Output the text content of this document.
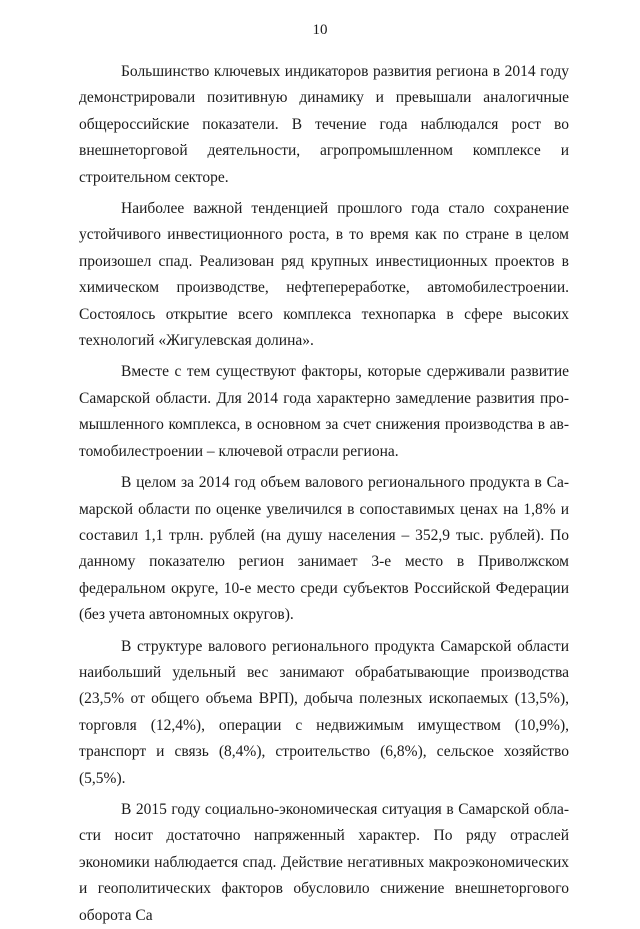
10

Большинство ключевых индикаторов развития региона в 2014 году демонстрировали позитивную динамику и превышали аналогичные общероссийские показатели. В течение года наблюдался рост во внешнеторговой деятельности, агропромышленном комплексе и строительном секторе.

Наиболее важной тенденцией прошлого года стало сохранение устойчивого инвестиционного роста, в то время как по стране в целом произошел спад. Реализован ряд крупных инвестиционных проектов в химическом производстве, нефтепереработке, автомобилестроении. Состоялось открытие всего комплекса технопарка в сфере высоких технологий «Жигулевская долина».

Вместе с тем существуют факторы, которые сдерживали развитие Самарской области. Для 2014 года характерно замедление развития промышленного комплекса, в основном за счет снижения производства в автомобилестроении – ключевой отрасли региона.

В целом за 2014 год объем валового регионального продукта в Самарской области по оценке увеличился в сопоставимых ценах на 1,8% и составил 1,1 трлн. рублей (на душу населения – 352,9 тыс. рублей). По данному показателю регион занимает 3-е место в Приволжском федеральном округе, 10-е место среди субъектов Российской Федерации (без учета автономных округов).

В структуре валового регионального продукта Самарской области наибольший удельный вес занимают обрабатывающие производства (23,5% от общего объема ВРП), добыча полезных ископаемых (13,5%), торговля (12,4%), операции с недвижимым имуществом (10,9%), транспорт и связь (8,4%), строительство (6,8%), сельское хозяйство (5,5%).

В 2015 году социально-экономическая ситуация в Самарской области носит достаточно напряженный характер. По ряду отраслей экономики наблюдается спад. Действие негативных макроэкономических и геополитических факторов обусловило снижение внешнеторгового оборота Са
